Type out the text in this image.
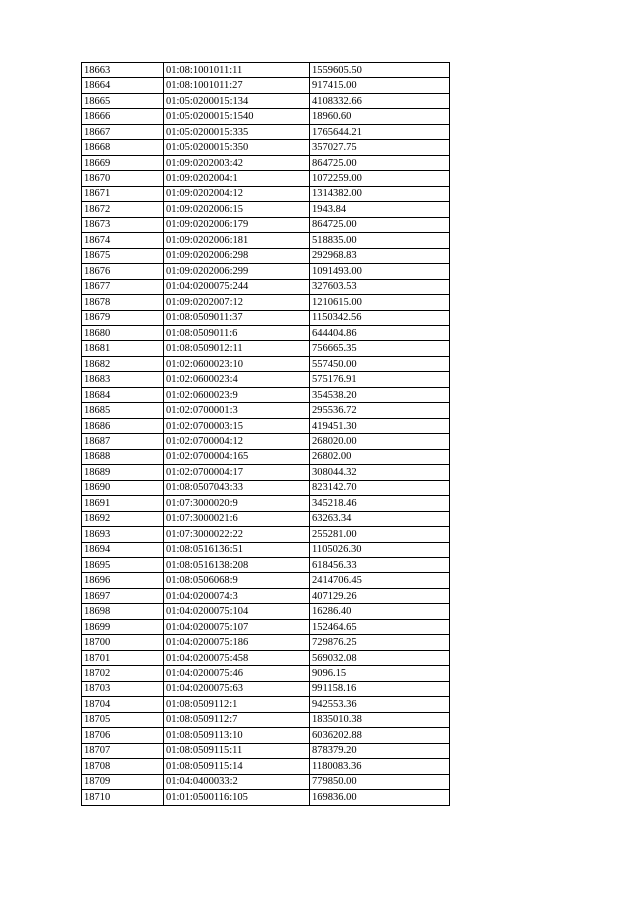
18663	01:08:1001011:11	1559605.50
18664	01:08:1001011:27	917415.00
18665	01:05:0200015:134	4108332.66
18666	01:05:0200015:1540	18960.60
18667	01:05:0200015:335	1765644.21
18668	01:05:0200015:350	357027.75
18669	01:09:0202003:42	864725.00
18670	01:09:0202004:1	1072259.00
18671	01:09:0202004:12	1314382.00
18672	01:09:0202006:15	1943.84
18673	01:09:0202006:179	864725.00
18674	01:09:0202006:181	518835.00
18675	01:09:0202006:298	292968.83
18676	01:09:0202006:299	1091493.00
18677	01:04:0200075:244	327603.53
18678	01:09:0202007:12	1210615.00
18679	01:08:0509011:37	1150342.56
18680	01:08:0509011:6	644404.86
18681	01:08:0509012:11	756665.35
18682	01:02:0600023:10	557450.00
18683	01:02:0600023:4	575176.91
18684	01:02:0600023:9	354538.20
18685	01:02:0700001:3	295536.72
18686	01:02:0700003:15	419451.30
18687	01:02:0700004:12	268020.00
18688	01:02:0700004:165	26802.00
18689	01:02:0700004:17	308044.32
18690	01:08:0507043:33	823142.70
18691	01:07:3000020:9	345218.46
18692	01:07:3000021:6	63263.34
18693	01:07:3000022:22	255281.00
18694	01:08:0516136:51	1105026.30
18695	01:08:0516138:208	618456.33
18696	01:08:0506068:9	2414706.45
18697	01:04:0200074:3	407129.26
18698	01:04:0200075:104	16286.40
18699	01:04:0200075:107	152464.65
18700	01:04:0200075:186	729876.25
18701	01:04:0200075:458	569032.08
18702	01:04:0200075:46	9096.15
18703	01:04:0200075:63	991158.16
18704	01:08:0509112:1	942553.36
18705	01:08:0509112:7	1835010.38
18706	01:08:0509113:10	6036202.88
18707	01:08:0509115:11	878379.20
18708	01:08:0509115:14	1180083.36
18709	01:04:0400033:2	779850.00
18710	01:01:0500116:105	169836.00
